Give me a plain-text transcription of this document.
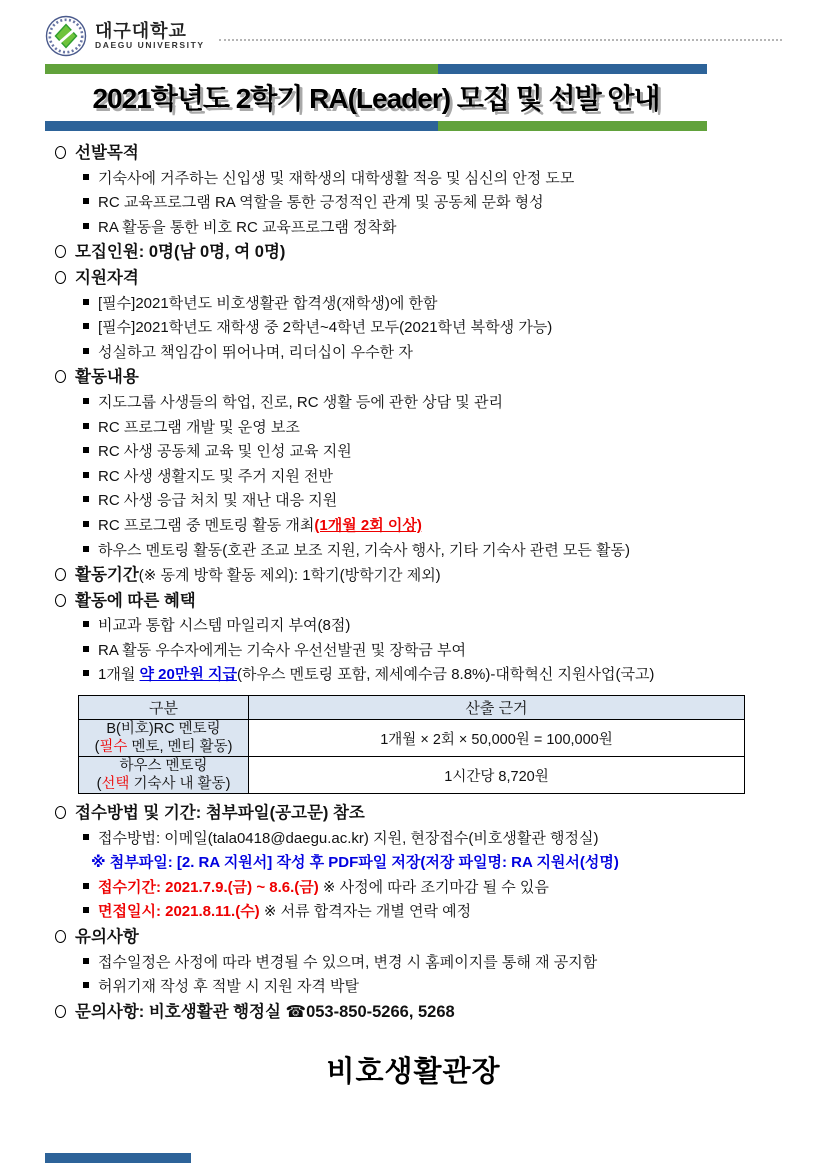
대구대학교
DAEGU UNIVERSITY
2021학년도 2학기 RA(Leader) 모집 및 선발 안내
선발목적
기숙사에 거주하는 신입생 및 재학생의 대학생활 적응 및 심신의 안정 도모
RC 교육프로그램 RA 역할을 통한 긍정적인 관계 및 공동체 문화 형성
RA 활동을 통한 비호 RC 교육프로그램 정착화
모집인원: 0명(남 0명, 여 0명)
지원자격
[필수]2021학년도 비호생활관 합격생(재학생)에 한함
[필수]2021학년도 재학생 중 2학년~4학년 모두(2021학년 복학생 가능)
성실하고 책임감이 뛰어나며, 리더십이 우수한 자
활동내용
지도그룹 사생들의 학업, 진로, RC 생활 등에 관한 상담 및 관리
RC 프로그램 개발 및 운영 보조
RC 사생 공동체 교육 및 인성 교육 지원
RC 사생 생활지도 및 주거 지원 전반
RC 사생 응급 처치 및 재난 대응 지원
RC 프로그램 중 멘토링 활동 개최(1개월 2회 이상)
하우스 멘토링 활동(호관 조교 보조 지원, 기숙사 행사, 기타 기숙사 관련 모든 활동)
활동기간(※ 동계 방학 활동 제외): 1학기(방학기간 제외)
활동에 따른 혜택
비교과 통합 시스템 마일리지 부여(8점)
RA 활동 우수자에게는 기숙사 우선선발권 및 장학금 부여
1개월 약 20만원 지급(하우스 멘토링 포함, 제세예수금 8.8%)-대학혁신 지원사업(국고)
구분	산출 근거

B(비호)RC 멘토링
(필수 멘토, 멘티 활동)	1개월 × 2회 × 50,000원 = 100,000원

하우스 멘토링
(선택 기숙사 내 활동)	1시간당 8,720원
접수방법 및 기간: 첨부파일(공고문) 참조
접수방법: 이메일(tala0418@daegu.ac.kr) 지원, 현장접수(비호생활관 행정실)
※ 첨부파일: [2. RA 지원서] 작성 후 PDF파일 저장(저장 파일명: RA 지원서(성명)
접수기간: 2021.7.9.(금) ~ 8.6.(금) ※ 사정에 따라 조기마감 될 수 있음
면접일시: 2021.8.11.(수) ※ 서류 합격자는 개별 연락 예정
유의사항
접수일정은 사정에 따라 변경될 수 있으며, 변경 시 홈페이지를 통해 재 공지함
허위기재 작성 후 적발 시 지원 자격 박탈
문의사항: 비호생활관 행정실 ☎053-850-5266, 5268
비호생활관장
